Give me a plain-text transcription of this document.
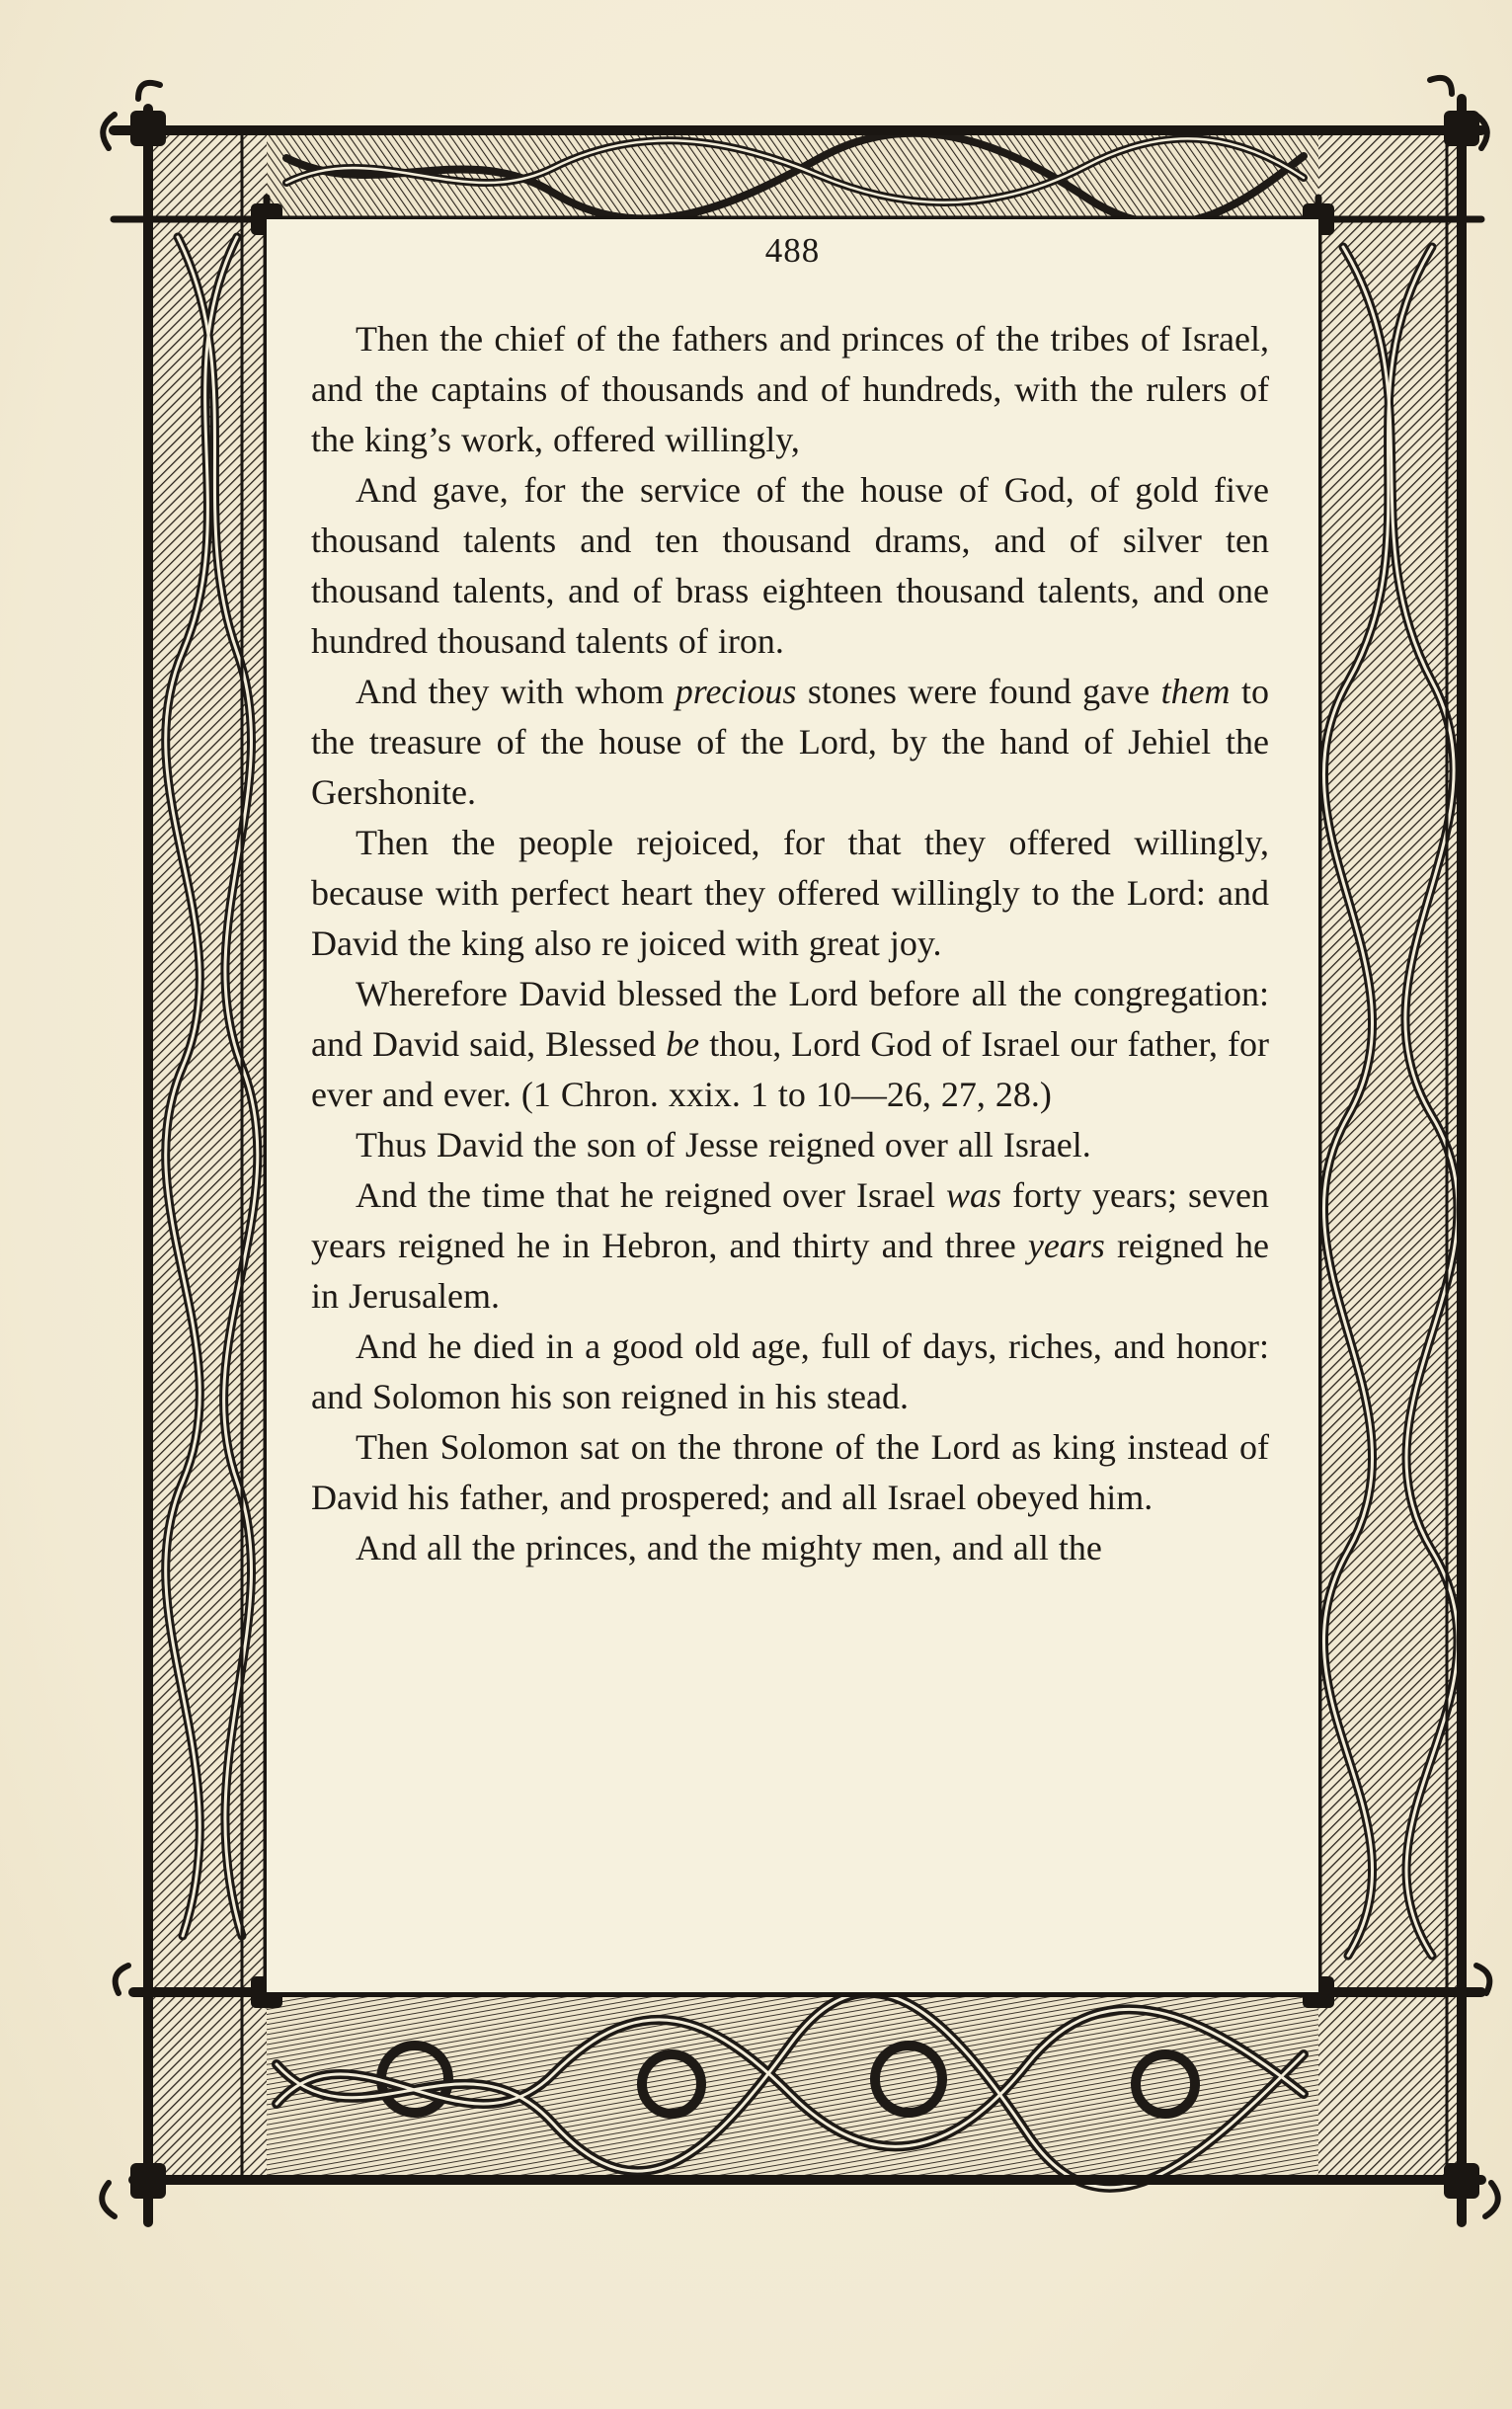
488

Then the chief of the fathers and princes of the tribes of Israel, and the captains of thousands and of hundreds, with the rulers of the king’s work, offered willingly,

And gave, for the service of the house of God, of gold five thousand talents and ten thousand drams, and of silver ten thousand talents, and of brass eighteen thousand talents, and one hundred thousand talents of iron.

And they with whom precious stones were found gave them to the treasure of the house of the Lord, by the hand of Jehiel the Gershonite.

Then the people rejoiced, for that they offered willingly, because with perfect heart they offered willingly to the Lord: and David the king also re joiced with great joy.

Wherefore David blessed the Lord before all the congregation: and David said, Blessed be thou, Lord God of Israel our father, for ever and ever. (1 Chron. xxix. 1 to 10—26, 27, 28.)

Thus David the son of Jesse reigned over all Israel.

And the time that he reigned over Israel was forty years; seven years reigned he in Hebron, and thirty and three years reigned he in Jerusalem.

And he died in a good old age, full of days, riches, and honor: and Solomon his son reigned in his stead.

Then Solomon sat on the throne of the Lord as king instead of David his father, and prospered; and all Israel obeyed him.

And all the princes, and the mighty men, and all the
